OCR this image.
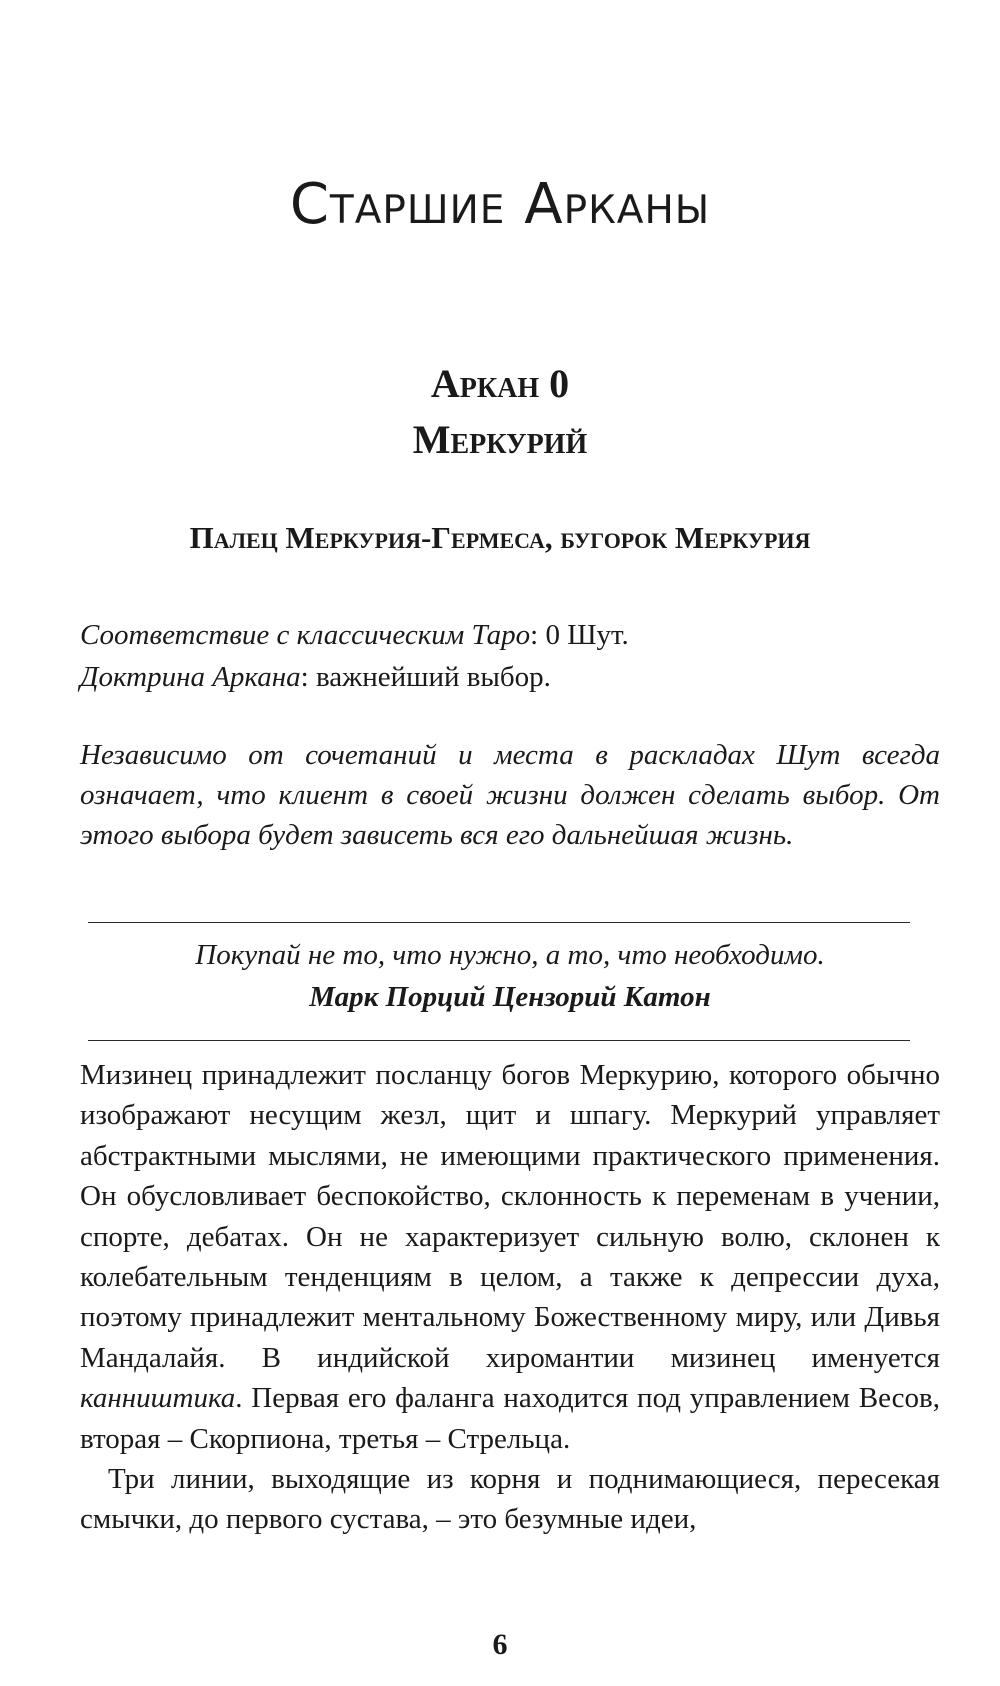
Старшие Арканы
Аркан 0
Меркурий
Палец Меркурия-Гермеса, бугорок Меркурия
Соответствие с классическим Таро: 0 Шут.
Доктрина Аркана: важнейший выбор.

Независимо от сочетаний и места в раскладах Шут всегда означает, что клиент в своей жизни должен сделать выбор. От этого выбора будет зависеть вся его дальнейшая жизнь.

Покупай не то, что нужно, а то, что необходимо.
Марк Порций Цензорий Катон

Мизинец принадлежит посланцу богов Меркурию, которого обычно изображают несущим жезл, щит и шпагу. Меркурий управляет абстрактными мыслями, не имеющими практического применения. Он обусловливает беспокойство, склонность к переменам в учении, спорте, дебатах. Он не характеризует сильную волю, склонен к колебательным тенденциям в целом, а также к депрессии духа, поэтому принадлежит ментальному Божественному миру, или Дивья Мандалайя. В индийской хиромантии мизинец именуется канништика. Первая его фаланга находится под управлением Весов, вторая – Скорпиона, третья – Стрельца.

Три линии, выходящие из корня и поднимающиеся, пересекая смычки, до первого сустава, – это безумные идеи,

6
